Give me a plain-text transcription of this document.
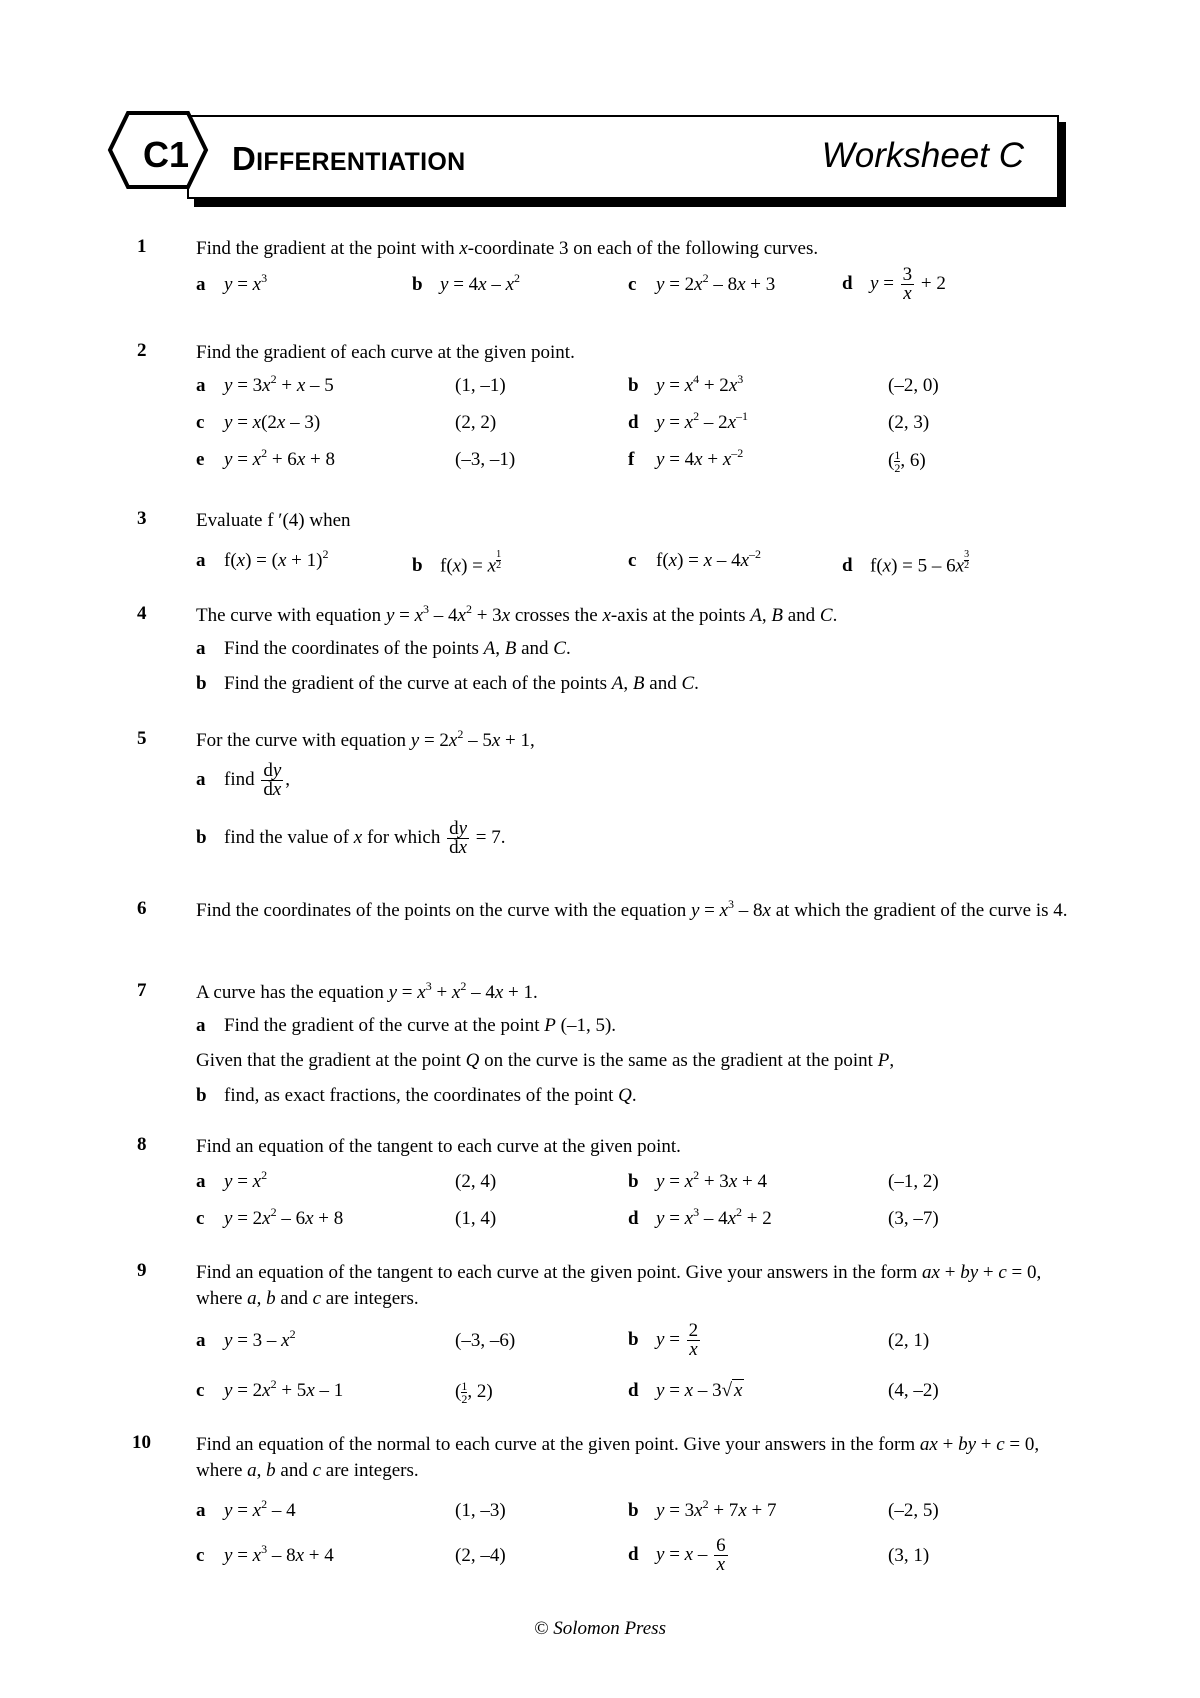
C1	DIFFERENTIATION	Worksheet C
1	Find the gradient at the point with x-coordinate 3 on each of the following curves.
a $y = x^3$	b $y = 4x - x^2$	c $y = 2x^2 - 8x + 3$	d $y = \frac{3}{x} + 2$
2	Find the gradient of each curve at the given point.
a $y = 3x^2 + x - 5$	(1, –1)	b $y = x^4 + 2x^3$	(–2, 0)
c y = x(2x – 3)	(2, 2)	d $y = x^2 - 2x^{-1}$	(2, 3)
e $y = x^2 + 6x + 8$	(–3, –1)	f $y = 4x + x^{-2}$	( $\frac{1}{2}$ , 6)
3	Evaluate f ′(4) when
a $f(x) = (x + 1)^2$
b f(x) = x $^{\frac{1}{2}}$	c $f(x) = x - 4x^{-2}$
d f(x) = 5 – 6x $^{\frac{3}{2}}$
4	The curve with equation $y = x^3 - 4x^2 + 3x$ crosses the x-axis at the points A, B and C.
a Find the coordinates of the points A, B and C.
b Find the gradient of the curve at each of the points A, B and C.
5	For the curve with equation $y = 2x^2 - 5x + 1$,
a find $\frac{dy}{dx}$ ,
b find the value of x for which $\frac{dy}{dx} = 7$.
6	Find the coordinates of the points on the curve with the equation $y = x^3 - 8x$ at which the gradient of the curve is 4.
7	A curve has the equation $y = x^3 + x^2 - 4x + 1$.
a Find the gradient of the curve at the point P (–1, 5).
Given that the gradient at the point Q on the curve is the same as the gradient at the point P,
b find, as exact fractions, the coordinates of the point Q.
8	Find an equation of the tangent to each curve at the given point.
a $y = x^2$	(2, 4)	b $y = x^2 + 3x + 4$	(–1, 2)
c $y = 2x^2 - 6x + 8$	(1, 4)	d $y = x^3 - 4x^2 + 2$	(3, –7)
9	Find an equation of the tangent to each curve at the given point. Give your answers in the form ax + by + c = 0, where a, b and c are integers.
a $y = 3 - x^2$	(–3, –6)	b $y = \frac{2}{x}$	(2, 1)
c $y = 2x^2 + 5x - 1$	( $\frac{1}{2}$ , 2)	d y = x – 3√ x	(4, –2)
10 Find an equation of the normal to each curve at the given point. Give your answers in the form ax + by + c = 0, where a, b and c are integers.
a $y = x^2 - 4$	(1, –3)	b $y = 3x^2 + 7x + 7$	(–2, 5)
c $y = x^3 - 8x + 4$	(2, –4)	d $y = x - \frac{6}{x}$	(3, 1)
© Solomon Press
